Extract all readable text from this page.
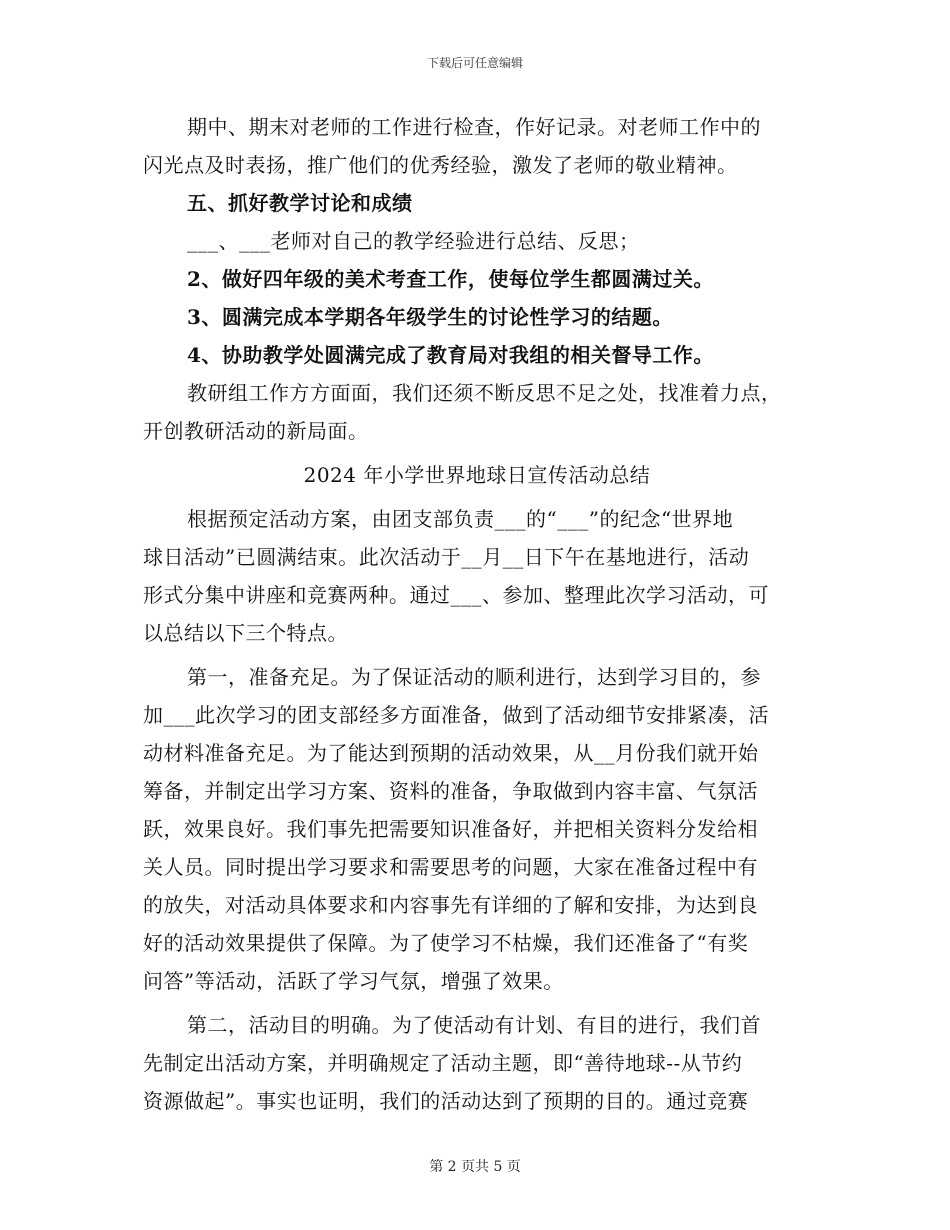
下载后可任意编辑
期中、期末对老师的工作进行检查，作好记录。对老师工作中的
闪光点及时表扬，推广他们的优秀经验，激发了老师的敬业精神。
五、抓好教学讨论和成绩
___、___老师对自己的教学经验进行总结、反思；
2、做好四年级的美术考查工作，使每位学生都圆满过关。
3、圆满完成本学期各年级学生的讨论性学习的结题。
4、协助教学处圆满完成了教育局对我组的相关督导工作。
教研组工作方方面面，我们还须不断反思不足之处，找准着力点，
开创教研活动的新局面。
2024 年小学世界地球日宣传活动总结
根据预定活动方案，由团支部负责___的“___”的纪念“世界地
球日活动”已圆满结束。此次活动于__月__日下午在基地进行，活动
形式分集中讲座和竞赛两种。通过___、参加、整理此次学习活动，可
以总结以下三个特点。
第一，准备充足。为了保证活动的顺利进行，达到学习目的，参
加___此次学习的团支部经多方面准备，做到了活动细节安排紧凑，活
动材料准备充足。为了能达到预期的活动效果，从__月份我们就开始
筹备，并制定出学习方案、资料的准备，争取做到内容丰富、气氛活
跃，效果良好。我们事先把需要知识准备好，并把相关资料分发给相
关人员。同时提出学习要求和需要思考的问题，大家在准备过程中有
的放失，对活动具体要求和内容事先有详细的了解和安排，为达到良
好的活动效果提供了保障。为了使学习不枯燥，我们还准备了“有奖
问答”等活动，活跃了学习气氛，增强了效果。
第二，活动目的明确。为了使活动有计划、有目的进行，我们首
先制定出活动方案，并明确规定了活动主题，即“善待地球--从节约
资源做起”。事实也证明，我们的活动达到了预期的目的。通过竞赛
第 2 页共 5 页
